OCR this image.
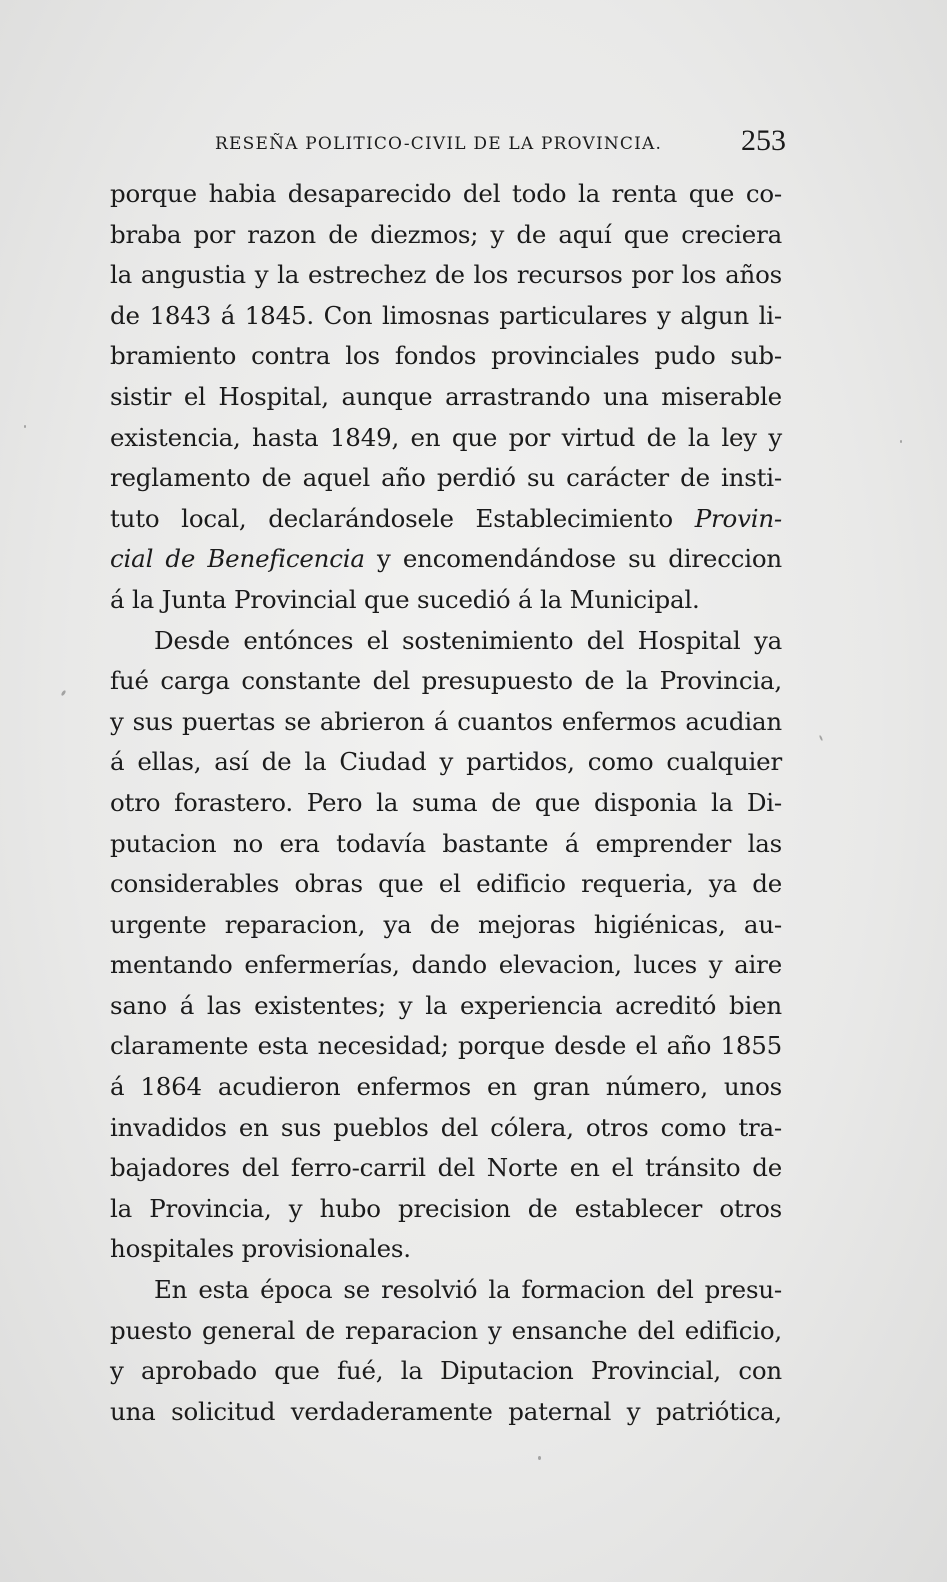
RESEÑA POLITICO-CIVIL DE LA PROVINCIA.	253
porque habia desaparecido del todo la renta que co-
braba por razon de diezmos; y de aquí que creciera
la angustia y la estrechez de los recursos por los años
de 1843 á 1845. Con limosnas particulares y algun li-
bramiento contra los fondos provinciales pudo sub-
sistir el Hospital, aunque arrastrando una miserable
existencia, hasta 1849, en que por virtud de la ley y
reglamento de aquel año perdió su carácter de insti-
tuto local, declarándosele Establecimiento Provin-
cial de Beneficencia y encomendándose su direccion
á la Junta Provincial que sucedió á la Municipal.
Desde entónces el sostenimiento del Hospital ya
fué carga constante del presupuesto de la Provincia,
y sus puertas se abrieron á cuantos enfermos acudian
á ellas, así de la Ciudad y partidos, como cualquier
otro forastero. Pero la suma de que disponia la Di-
putacion no era todavía bastante á emprender las
considerables obras que el edificio requeria, ya de
urgente reparacion, ya de mejoras higiénicas, au-
mentando enfermerías, dando elevacion, luces y aire
sano á las existentes; y la experiencia acreditó bien
claramente esta necesidad; porque desde el año 1855
á 1864 acudieron enfermos en gran número, unos
invadidos en sus pueblos del cólera, otros como tra-
bajadores del ferro-carril del Norte en el tránsito de
la Provincia, y hubo precision de establecer otros
hospitales provisionales.
En esta época se resolvió la formacion del presu-
puesto general de reparacion y ensanche del edificio,
y aprobado que fué, la Diputacion Provincial, con
una solicitud verdaderamente paternal y patriótica,
